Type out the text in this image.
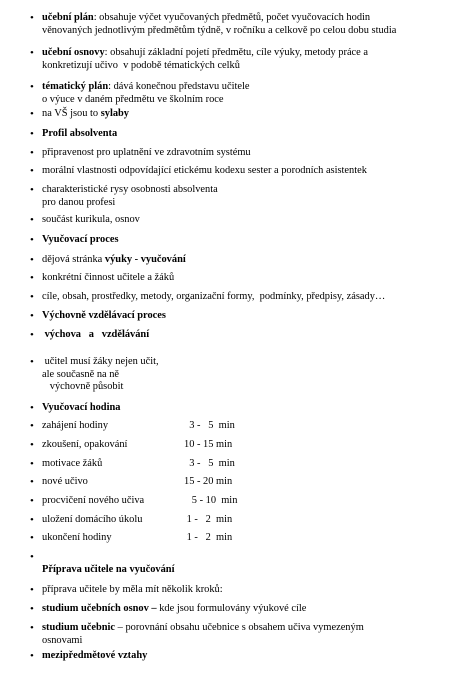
• učební plán: obsahuje výčet vyučovaných předmětů, počet vyučovacích hodin
věnovaných jednotlivým předmětům týdně, v ročníku a celkově po celou dobu studia
• učební osnovy: obsahují základní pojetí předmětu, cíle výuky, metody práce a
konkretizují učivo  v podobě tématických celků
• tématický plán: dává konečnou představu učitele
o výuce v daném předmětu ve školním roce
• na VŠ jsou to sylaby
• Profil absolventa
• připravenost pro uplatnění ve zdravotním systému
• morální vlastnosti odpovídající etickému kodexu sester a porodních asistentek
• charakteristické rysy osobnosti absolventa
pro danou profesi
• součást kurikula, osnov
• Vyučovací proces
• dějová stránka výuky - vyučování
• konkrétní činnost učitele a žáků
• cíle, obsah, prostředky, metody, organizační formy,  podmínky, předpisy, zásady…
• Výchovně vzdělávací proces
• výchova   a   vzdělávání
• učitel musí žáky nejen učit,
ale současně na ně
výchovně působit
• Vyučovací hodina
• zahájení hodiny	3 -   5  min
• zkoušení, opakování	10 - 15 min
• motivace žáků	3 -   5  min
• nové učivo	15 - 20 min
• procvičení nového učiva	5 - 10  min
• uložení domácího úkolu	1 -   2  min
• ukončení hodiny	1 -   2  min
•
Příprava učitele na vyučování
• příprava učitele by měla mít několik kroků:
• studium učebních osnov – kde jsou formulovány výukové cíle
• studium učebnic – porovnání obsahu učebnice s obsahem učiva vymezeným
osnovami
• mezipředmětové vztahy
